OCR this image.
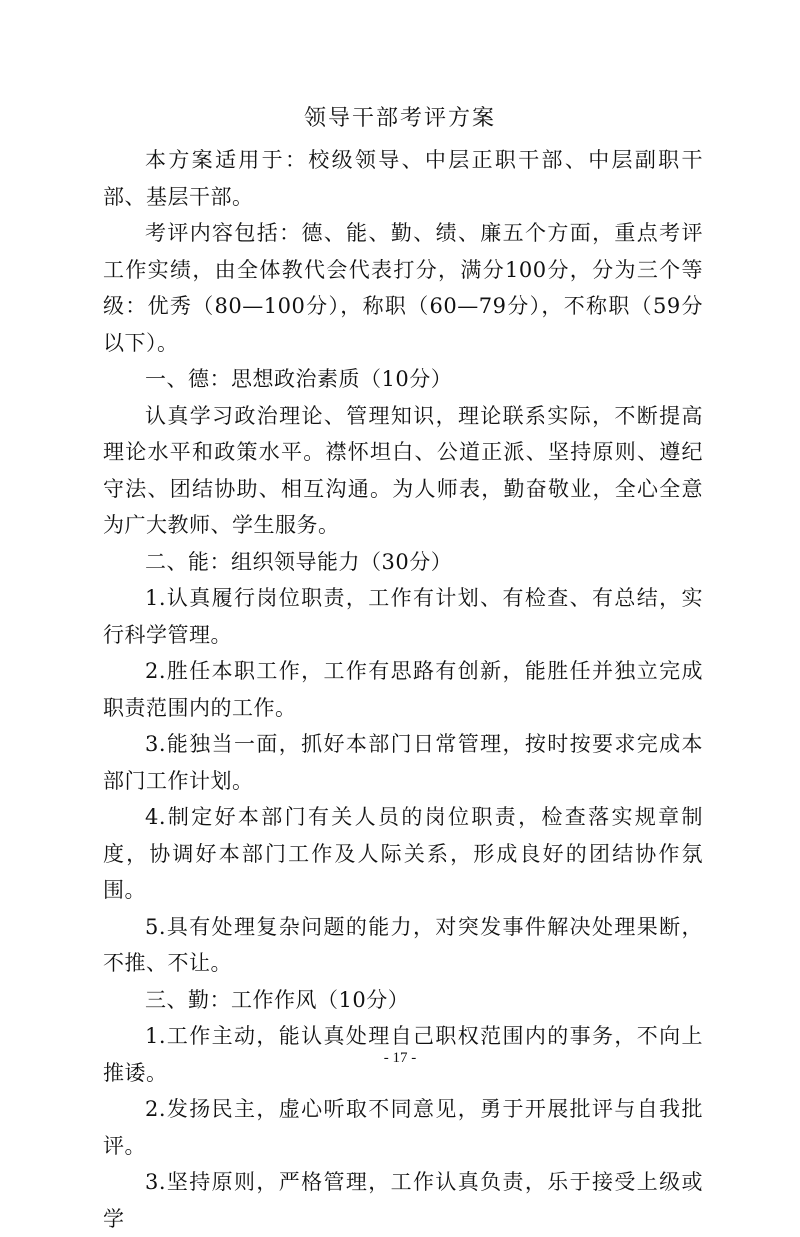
领导干部考评方案

本方案适用于：校级领导、中层正职干部、中层副职干部、基层干部。

考评内容包括：德、能、勤、绩、廉五个方面，重点考评工作实绩，由全体教代会代表打分，满分100分，分为三个等级：优秀（80—100分），称职（60—79分），不称职（59分以下）。

一、德：思想政治素质（10分）

认真学习政治理论、管理知识，理论联系实际，不断提高理论水平和政策水平。襟怀坦白、公道正派、坚持原则、遵纪守法、团结协助、相互沟通。为人师表，勤奋敬业，全心全意为广大教师、学生服务。

二、能：组织领导能力（30分）

1.认真履行岗位职责，工作有计划、有检查、有总结，实行科学管理。

2.胜任本职工作，工作有思路有创新，能胜任并独立完成职责范围内的工作。

3.能独当一面，抓好本部门日常管理，按时按要求完成本部门工作计划。

4.制定好本部门有关人员的岗位职责，检查落实规章制度，协调好本部门工作及人际关系，形成良好的团结协作氛围。

5.具有处理复杂问题的能力，对突发事件解决处理果断，不推、不让。

三、勤：工作作风（10分）

1.工作主动，能认真处理自己职权范围内的事务，不向上推诿。

2.发扬民主，虚心听取不同意见，勇于开展批评与自我批评。

3.坚持原则，严格管理，工作认真负责，乐于接受上级或学

- 17 -
